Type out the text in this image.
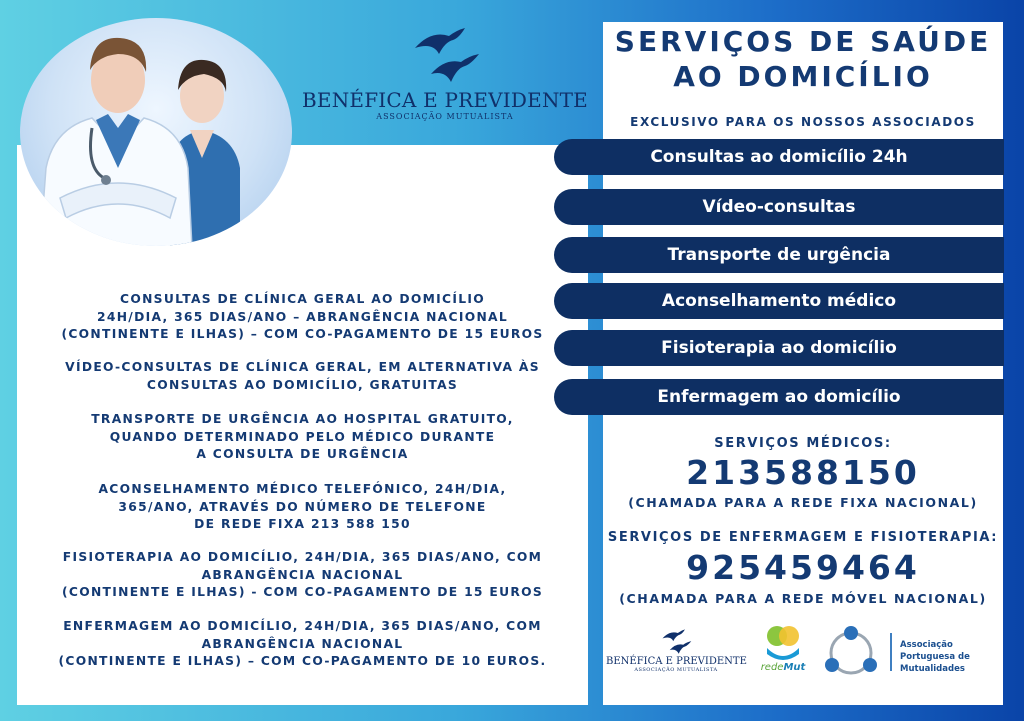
BENÉFICA E PREVIDENTE
ASSOCIAÇÃO MUTUALISTA
SERVIÇOS DE SAÚDE
AO DOMICÍLIO
EXCLUSIVO PARA OS NOSSOS ASSOCIADOS
Consultas ao domicílio 24h
Vídeo-consultas
Transporte de urgência
Aconselhamento médico
Fisioterapia ao domicílio
Enfermagem ao domicílio
CONSULTAS DE CLÍNICA GERAL AO DOMICÍLIO
24H/DIA, 365 DIAS/ANO – ABRANGÊNCIA NACIONAL
(CONTINENTE E ILHAS) – COM CO-PAGAMENTO DE 15 EUROS
VÍDEO-CONSULTAS DE CLÍNICA GERAL, EM ALTERNATIVA ÀS
CONSULTAS AO DOMICÍLIO, GRATUITAS
TRANSPORTE DE URGÊNCIA AO HOSPITAL GRATUITO,
QUANDO DETERMINADO PELO MÉDICO DURANTE
A CONSULTA DE URGÊNCIA
ACONSELHAMENTO MÉDICO TELEFÓNICO, 24H/DIA,
365/ANO, ATRAVÉS DO NÚMERO DE TELEFONE
DE REDE FIXA 213 588 150
FISIOTERAPIA AO DOMICÍLIO, 24H/DIA, 365 DIAS/ANO, COM
ABRANGÊNCIA NACIONAL
(CONTINENTE E ILHAS) - COM CO-PAGAMENTO DE 15 EUROS
ENFERMAGEM AO DOMICÍLIO, 24H/DIA, 365 DIAS/ANO, COM
ABRANGÊNCIA NACIONAL
(CONTINENTE E ILHAS) – COM CO-PAGAMENTO DE 10 EUROS.
SERVIÇOS MÉDICOS:
213588150
(CHAMADA PARA A REDE FIXA NACIONAL)
SERVIÇOS DE ENFERMAGEM E FISIOTERAPIA:
925459464
(CHAMADA PARA A REDE MÓVEL NACIONAL)
BENÉFICA E PREVIDENTE
ASSOCIAÇÃO MUTUALISTA	redeMut
Associação Portuguesa de Mutualidades
